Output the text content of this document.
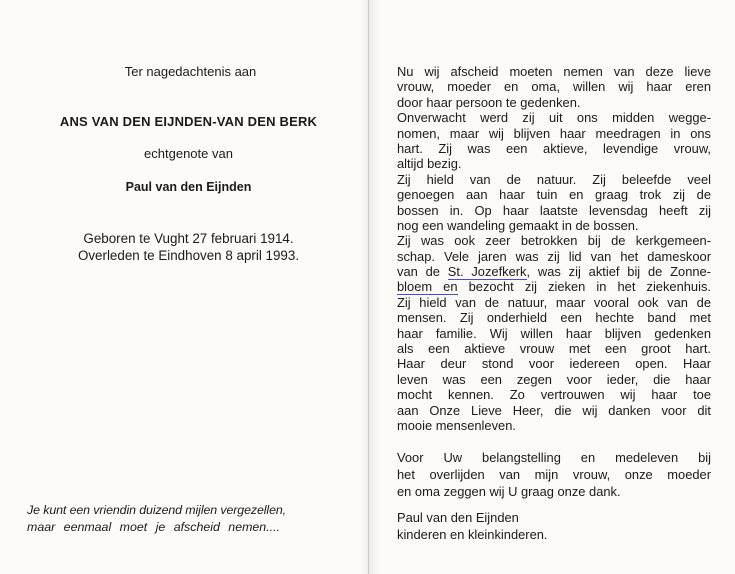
Ter nagedachtenis aan
ANS VAN DEN EIJNDEN-VAN DEN BERK
echtgenote van
Paul van den Eijnden
Geboren te Vught 27 februari 1914.
Overleden te Eindhoven 8 april 1993.
Je kunt een vriendin duizend mijlen vergezellen,
maar eenmaal moet je afscheid nemen....
Nu wij afscheid moeten nemen van deze lieve
vrouw, moeder en oma, willen wij haar eren
door haar persoon te gedenken.
Onverwacht werd zij uit ons midden wegge-
nomen, maar wij blijven haar meedragen in ons
hart. Zij was een aktieve, levendige vrouw,
altijd bezig.
Zij hield van de natuur. Zij beleefde veel
genoegen aan haar tuin en graag trok zij de
bossen in. Op haar laatste levensdag heeft zij
nog een wandeling gemaakt in de bossen.
Zij was ook zeer betrokken bij de kerkgemeen-
schap. Vele jaren was zij lid van het dameskoor
van de St. Jozefkerk, was zij aktief bij de Zonne-
bloem en bezocht zij zieken in het ziekenhuis.
Zij hield van de natuur, maar vooral ook van de
mensen. Zij onderhield een hechte band met
haar familie. Wij willen haar blijven gedenken
als een aktieve vrouw met een groot hart.
Haar deur stond voor iedereen open. Haar
leven was een zegen voor ieder, die haar
mocht kennen. Zo vertrouwen wij haar toe
aan Onze Lieve Heer, die wij danken voor dit
mooie mensenleven.
Voor Uw belangstelling en medeleven bij
het overlijden van mijn vrouw, onze moeder
en oma zeggen wij U graag onze dank.
Paul van den Eijnden
kinderen en kleinkinderen.
